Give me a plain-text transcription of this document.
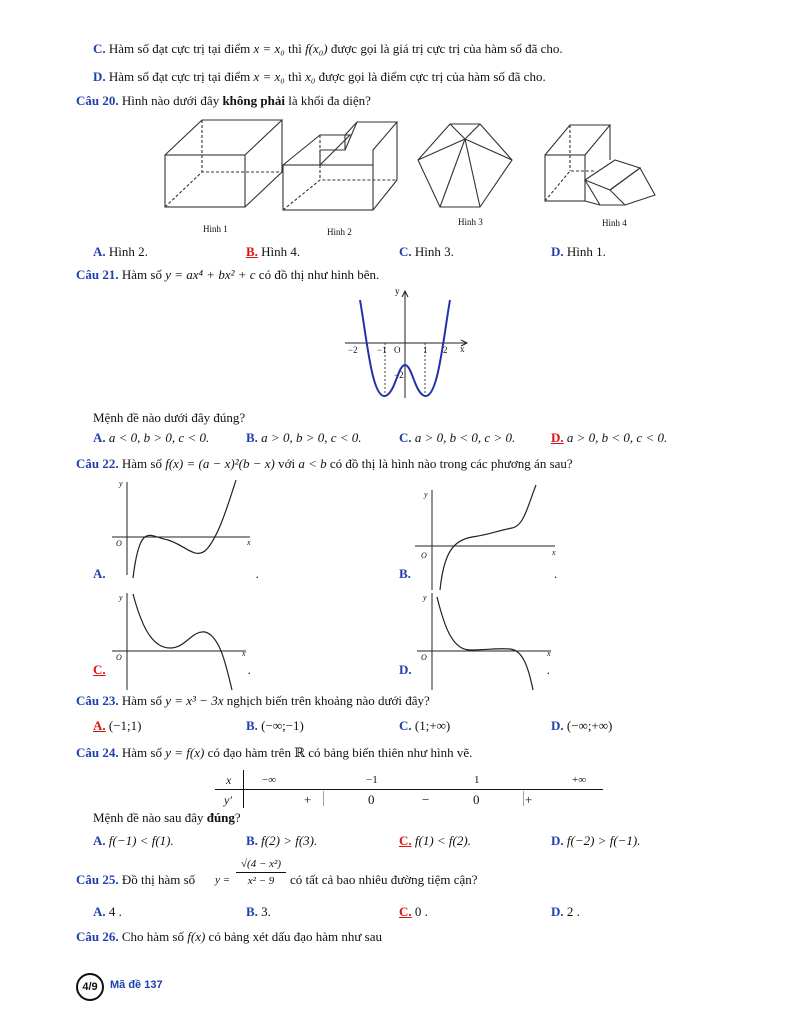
C. Hàm số đạt cực trị tại điểm x = x₀ thì f(x₀) được gọi là giá trị cực trị của hàm số đã cho.
D. Hàm số đạt cực trị tại điểm x = x₀ thì x₀ được gọi là điểm cực trị của hàm số đã cho.
Câu 20. Hình nào dưới đây không phải là khối đa diện?
Hình 1	Hình 2
Hình 3	Hình 4
A. Hình 2.	B. Hình 4.	C. Hình 3.	D. Hình 1.
Câu 21. Hàm số y = ax⁴ + bx² + c có đồ thị như hình bên.
y
x
O
−2 −1	1 2
−2
Mệnh đề nào dưới đây đúng?
A. a < 0, b > 0, c < 0.	B. a > 0, b > 0, c < 0.	C. a > 0, b < 0, c > 0.	D. a > 0, b < 0, c < 0.
Câu 22. Hàm số f(x) = (a − x)²(b − x) với a < b có đồ thị là hình nào trong các phương án sau?
y
x
O
y
x
O
y
x
O
y
x
O
A.	.	B.	.
C.	.	D.	.
Câu 23. Hàm số y = x³ − 3x nghịch biến trên khoảng nào dưới đây?
A. (−1;1)	B. (−∞;−1)	C. (1;+∞)	D. (−∞;+∞)
Câu 24. Hàm số y = f(x) có đạo hàm trên ℝ có bảng biến thiên như hình vẽ.
x
y′
−∞	−1	1	+∞
+	0	−	0	+
Mệnh đề nào sau đây đúng?
A. f(−1) < f(1).	B. f(2) > f(3).	C. f(1) < f(2).	D. f(−2) > f(−1).
Câu 25. Đồ thị hàm số $y = \frac{\text{√(4 − x²)}}{\text{x² − 9}}$ có tất cả bao nhiêu đường tiệm cận?
A. 4 .	B. 3.	C. 0 .	D. 2 .
Câu 26. Cho hàm số f(x) có bảng xét dấu đạo hàm như sau
4/9	Mã đề 137
